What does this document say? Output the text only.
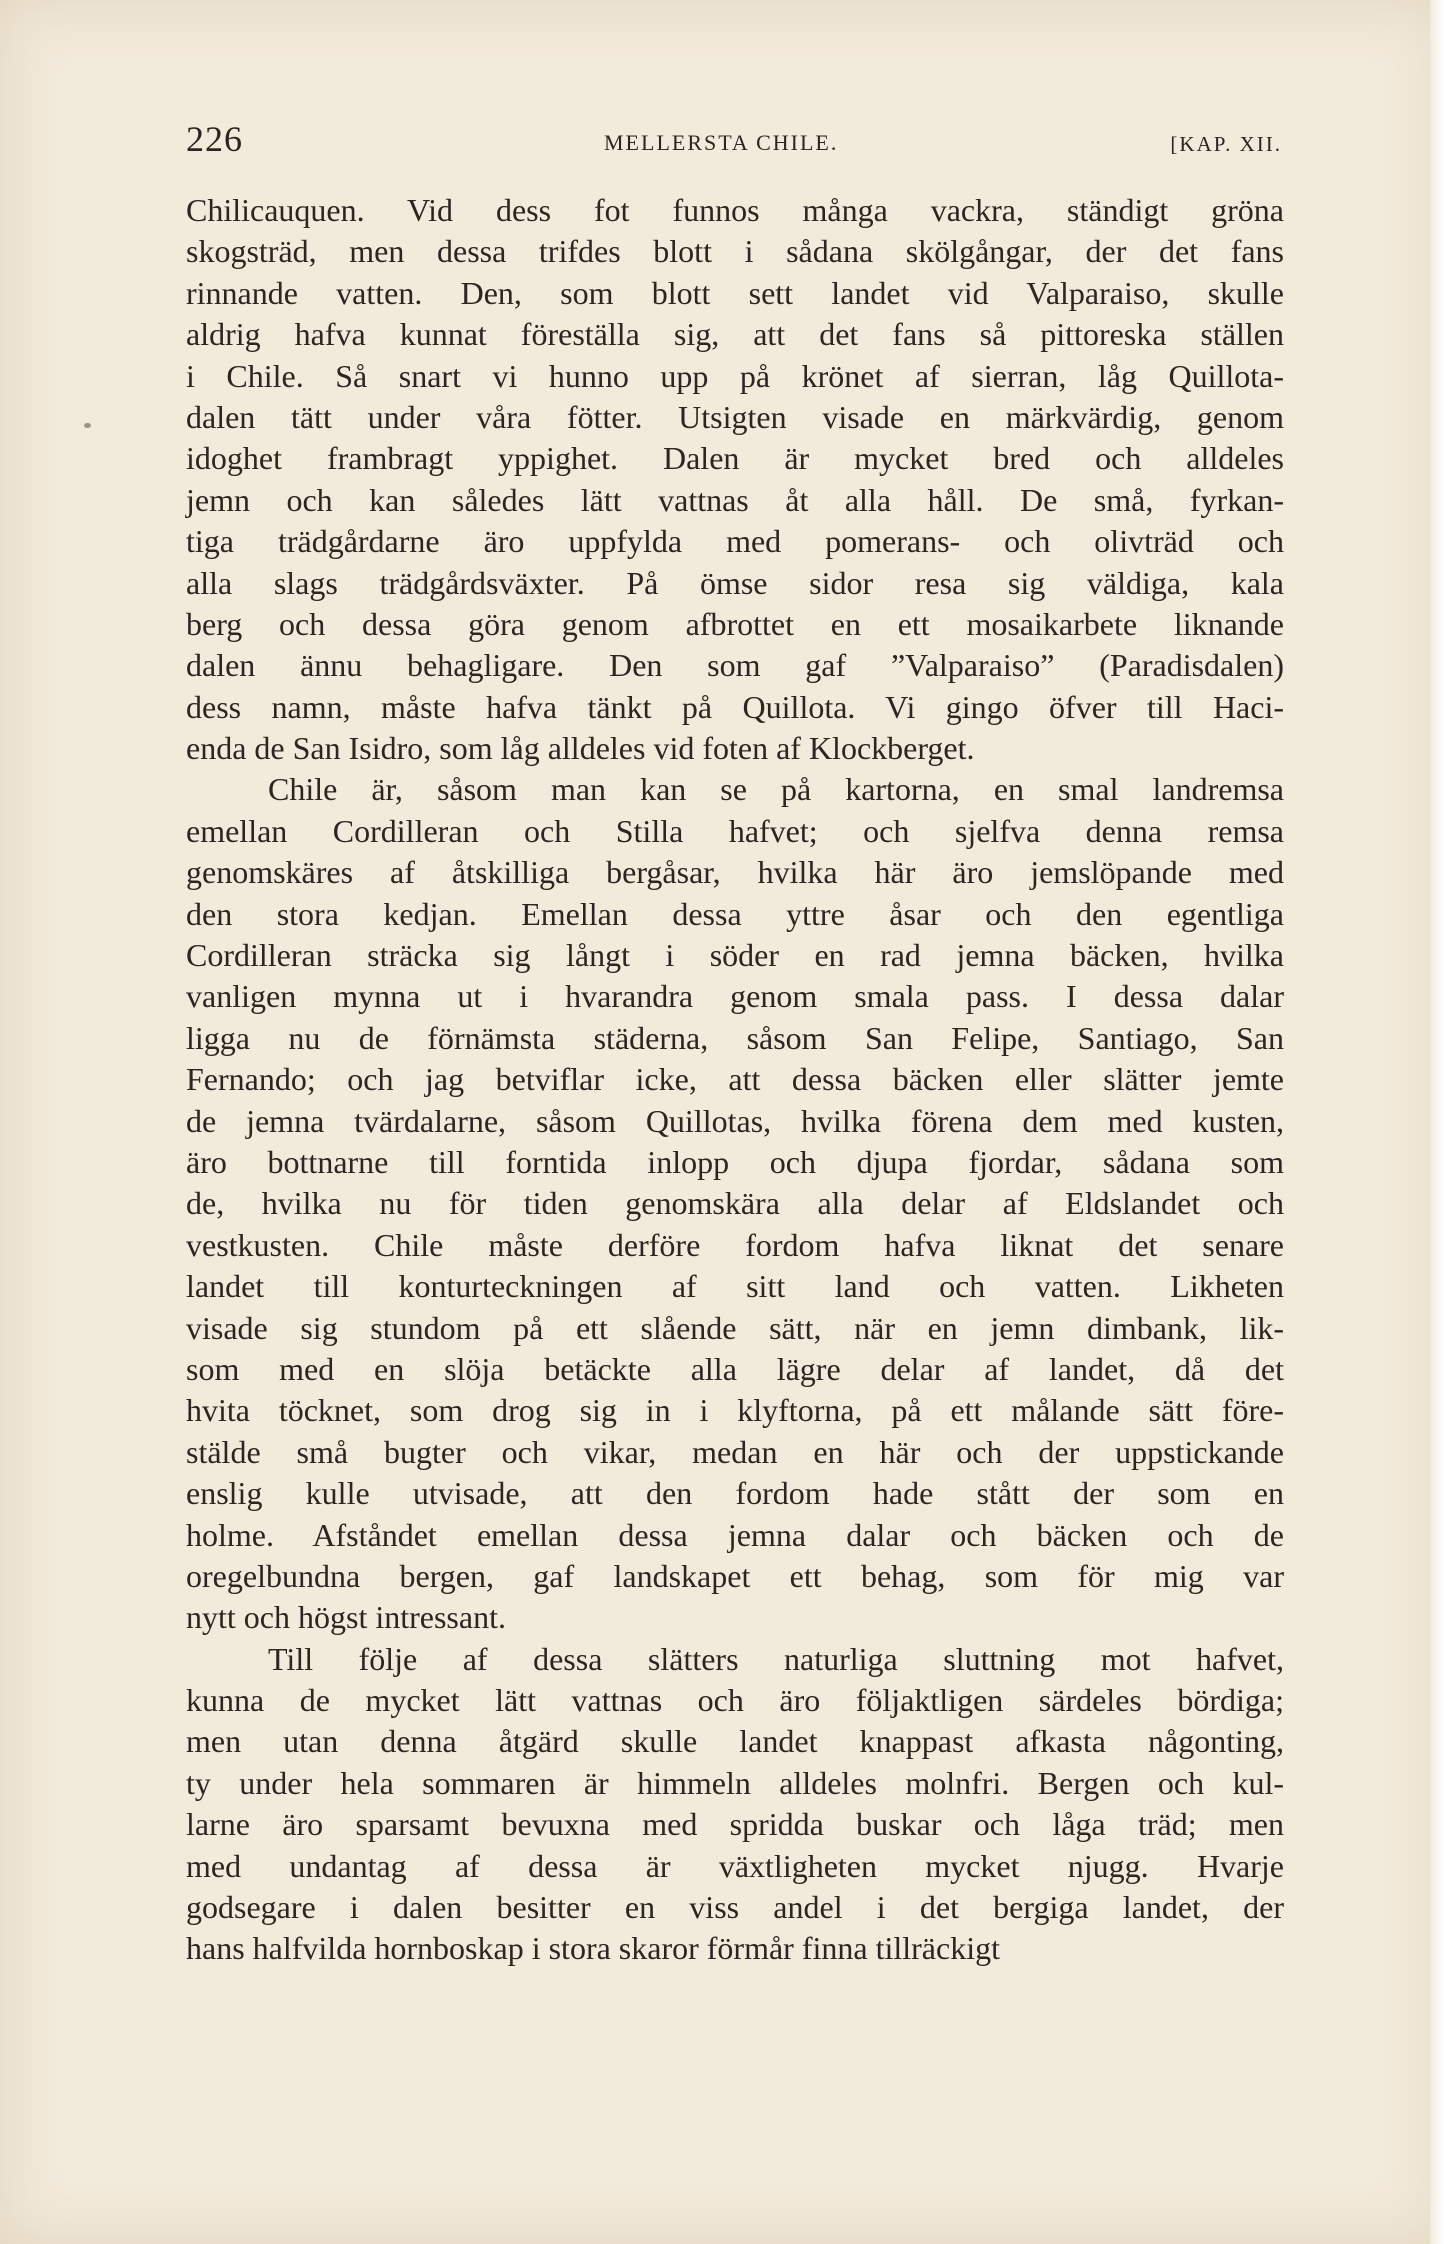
226	MELLERSTA CHILE.	[KAP. XII.
Chilicauquen. Vid dess fot funnos många vackra, ständigt gröna
skogsträd, men dessa trifdes blott i sådana skölgångar, der det fans
rinnande vatten. Den, som blott sett landet vid Valparaiso, skulle
aldrig hafva kunnat föreställa sig, att det fans så pittoreska ställen
i Chile. Så snart vi hunno upp på krönet af sierran, låg Quillota-
dalen tätt under våra fötter. Utsigten visade en märkvärdig, genom
idoghet frambragt yppighet. Dalen är mycket bred och alldeles
jemn och kan således lätt vattnas åt alla håll. De små, fyrkan-
tiga trädgårdarne äro uppfylda med pomerans- och olivträd och
alla slags trädgårdsväxter. På ömse sidor resa sig väldiga, kala
berg och dessa göra genom afbrottet en ett mosaikarbete liknande
dalen ännu behagligare. Den som gaf ”Valparaiso” (Paradisdalen)
dess namn, måste hafva tänkt på Quillota. Vi gingo öfver till Haci-
enda de San Isidro, som låg alldeles vid foten af Klockberget.
Chile är, såsom man kan se på kartorna, en smal landremsa
emellan Cordilleran och Stilla hafvet; och sjelfva denna remsa
genomskäres af åtskilliga bergåsar, hvilka här äro jemslöpande med
den stora kedjan. Emellan dessa yttre åsar och den egentliga
Cordilleran sträcka sig långt i söder en rad jemna bäcken, hvilka
vanligen mynna ut i hvarandra genom smala pass. I dessa dalar
ligga nu de förnämsta städerna, såsom San Felipe, Santiago, San
Fernando; och jag betviflar icke, att dessa bäcken eller slätter jemte
de jemna tvärdalarne, såsom Quillotas, hvilka förena dem med kusten,
äro bottnarne till forntida inlopp och djupa fjordar, sådana som
de, hvilka nu för tiden genomskära alla delar af Eldslandet och
vestkusten. Chile måste derföre fordom hafva liknat det senare
landet till konturteckningen af sitt land och vatten. Likheten
visade sig stundom på ett slående sätt, när en jemn dimbank, lik-
som med en slöja betäckte alla lägre delar af landet, då det
hvita töcknet, som drog sig in i klyftorna, på ett målande sätt före-
stälde små bugter och vikar, medan en här och der uppstickande
enslig kulle utvisade, att den fordom hade stått der som en
holme. Afståndet emellan dessa jemna dalar och bäcken och de
oregelbundna bergen, gaf landskapet ett behag, som för mig var
nytt och högst intressant.
Till följe af dessa slätters naturliga sluttning mot hafvet,
kunna de mycket lätt vattnas och äro följaktligen särdeles bördiga;
men utan denna åtgärd skulle landet knappast afkasta någonting,
ty under hela sommaren är himmeln alldeles molnfri. Bergen och kul-
larne äro sparsamt bevuxna med spridda buskar och låga träd; men
med undantag af dessa är växtligheten mycket njugg. Hvarje
godsegare i dalen besitter en viss andel i det bergiga landet, der
hans halfvilda hornboskap i stora skaror förmår finna tillräckigt
